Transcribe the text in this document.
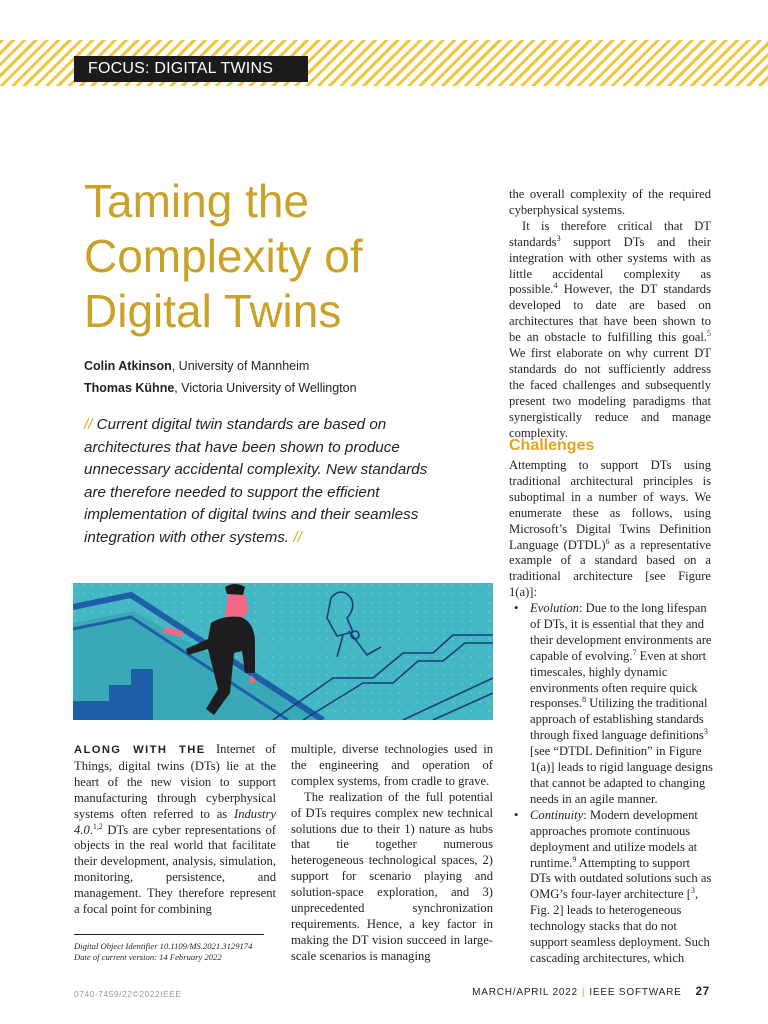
FOCUS: DIGITAL TWINS
Taming the Complexity of Digital Twins
Colin Atkinson, University of Mannheim
Thomas Kühne, Victoria University of Wellington
// Current digital twin standards are based on architectures that have been shown to produce unnecessary accidental complexity. New standards are therefore needed to support the efficient implementation of digital twins and their seamless integration with other systems. //

ALONG WITH THE Internet of Things, digital twins (DTs) lie at the heart of the new vision to support manufacturing through cyberphysical systems often referred to as Industry 4.0.$^{1,2}$ DTs are cyber representations of objects in the real world that facilitate their development, analysis, simulation, monitoring, persistence, and management. They therefore represent a focal point for combining

Digital Object Identifier 10.1109/MS.2021.3129174
Date of current version: 14 February 2022

multiple, diverse technologies used in the engineering and operation of complex systems, from cradle to grave.

The realization of the full potential of DTs requires complex new technical solutions due to their 1) nature as hubs that tie together numerous heterogeneous technological spaces, 2) support for scenario playing and solution-space exploration, and 3) unprecedented synchronization requirements. Hence, a key factor in making the DT vision succeed in large-scale scenarios is managing

the overall complexity of the required cyberphysical systems.

It is therefore critical that DT standards$^3$ support DTs and their integration with other systems with as little accidental complexity as possible.$^4$ However, the DT standards developed to date are based on architectures that have been shown to be an obstacle to fulfilling this goal.$^5$ We first elaborate on why current DT standards do not sufficiently address the faced challenges and subsequently present two modeling paradigms that synergistically reduce and manage complexity.

Challenges

Attempting to support DTs using traditional architectural principles is suboptimal in a number of ways. We enumerate these as follows, using Microsoft’s Digital Twins Definition Language (DTDL)$^6$ as a representative example of a standard based on a traditional architecture [see Figure 1(a)]:

• Evolution: Due to the long lifespan of DTs, it is essential that they and their development environments are capable of evolving.$^7$ Even at short timescales, highly dynamic environments often require quick responses.$^8$ Utilizing the traditional approach of establishing standards through fixed language definitions$^3$ [see “DTDL Definition” in Figure 1(a)] leads to rigid language designs that cannot be adapted to changing needs in an agile manner.
• Continuity: Modern development approaches promote continuous deployment and utilize models at runtime.$^9$ Attempting to support DTs with outdated solutions such as OMG’s four-layer architecture [$^3$, Fig. 2] leads to heterogeneous technology stacks that do not support seamless deployment. Such cascading architectures, which
0740-7459/22©2022IEEE	MARCH/APRIL 2022 | IEEE SOFTWARE 27
